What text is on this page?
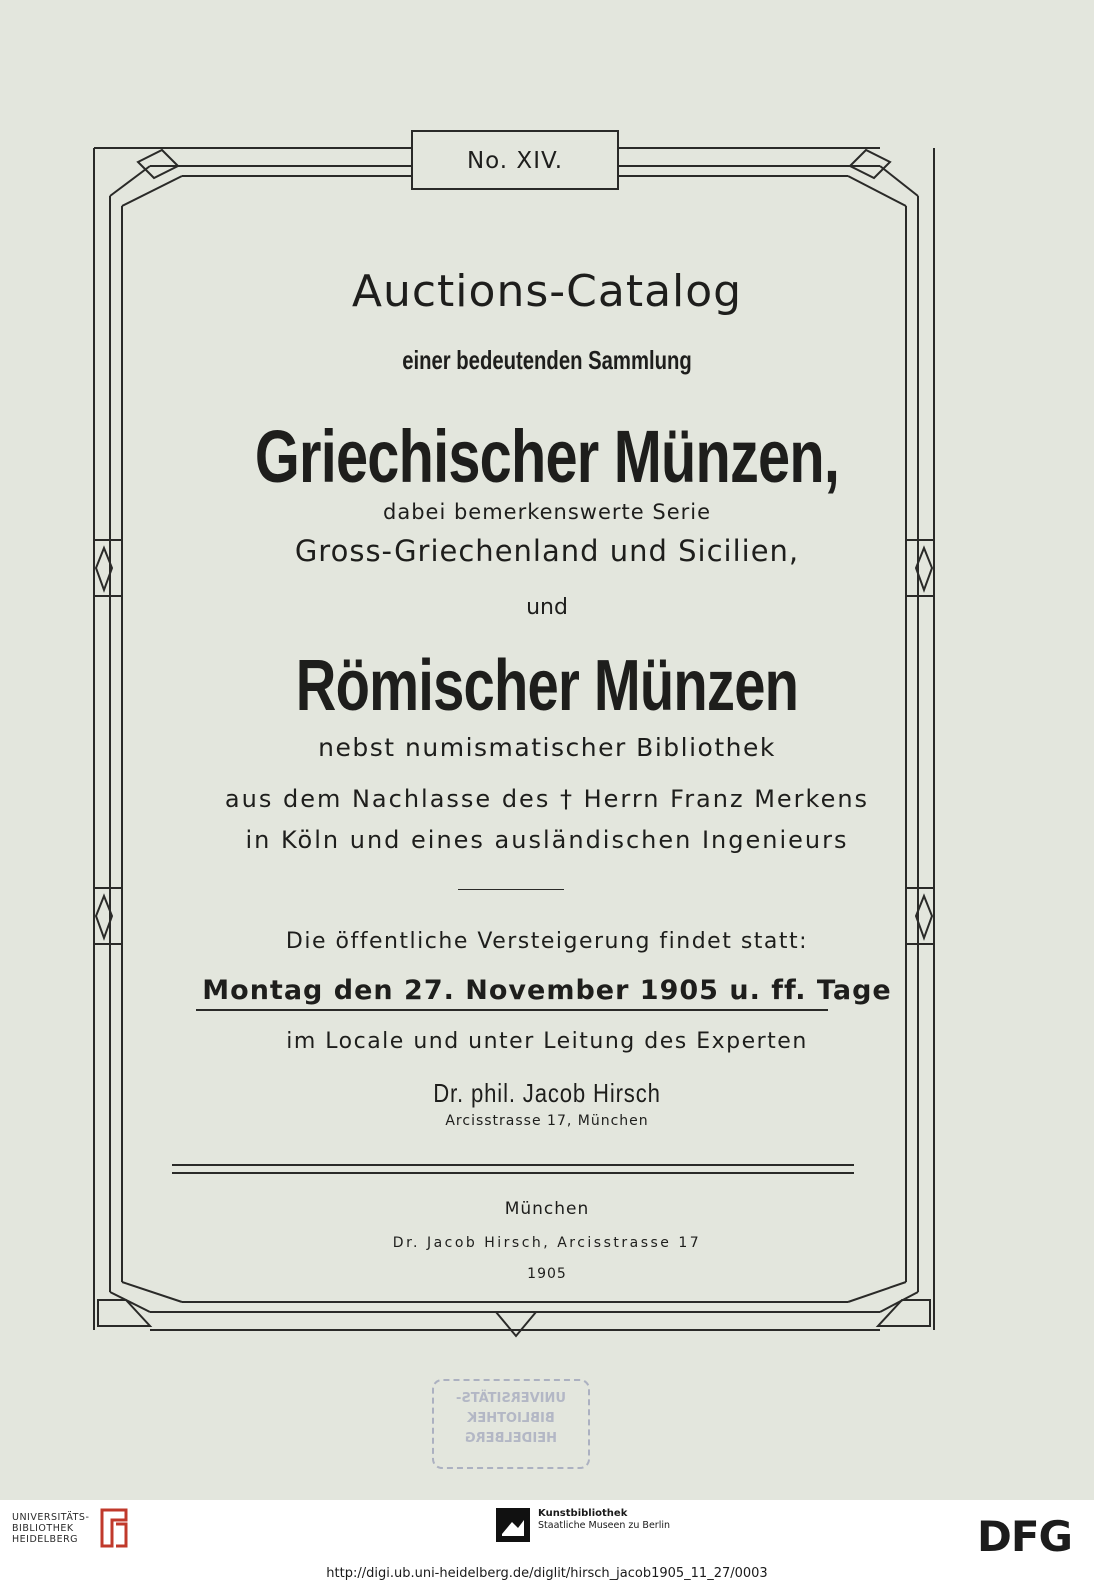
No. XIV.
Auctions-Catalog
einer bedeutenden Sammlung
Griechischer Münzen,
dabei bemerkenswerte Serie
Gross-Griechenland und Sicilien,
und
Römischer Münzen
nebst numismatischer Bibliothek
aus dem Nachlasse des † Herrn Franz Merkens
in Köln und eines ausländischen Ingenieurs
Die öffentliche Versteigerung findet statt:
Montag den 27. November 1905 u. ff. Tage
im Locale und unter Leitung des Experten
Dr. phil. Jacob Hirsch
Arcisstrasse 17, München
München
Dr. Jacob Hirsch, Arcisstrasse 17
1905
UNIVERSITÄTS-
BIBLIOTHEK
HEIDELBERG
UNIVERSITÄTS-
BIBLIOTHEK
HEIDELBERG
Kunstbibliothek
Staatliche Museen zu Berlin	DFG
http://digi.ub.uni-heidelberg.de/diglit/hirsch_jacob1905_11_27/0003
